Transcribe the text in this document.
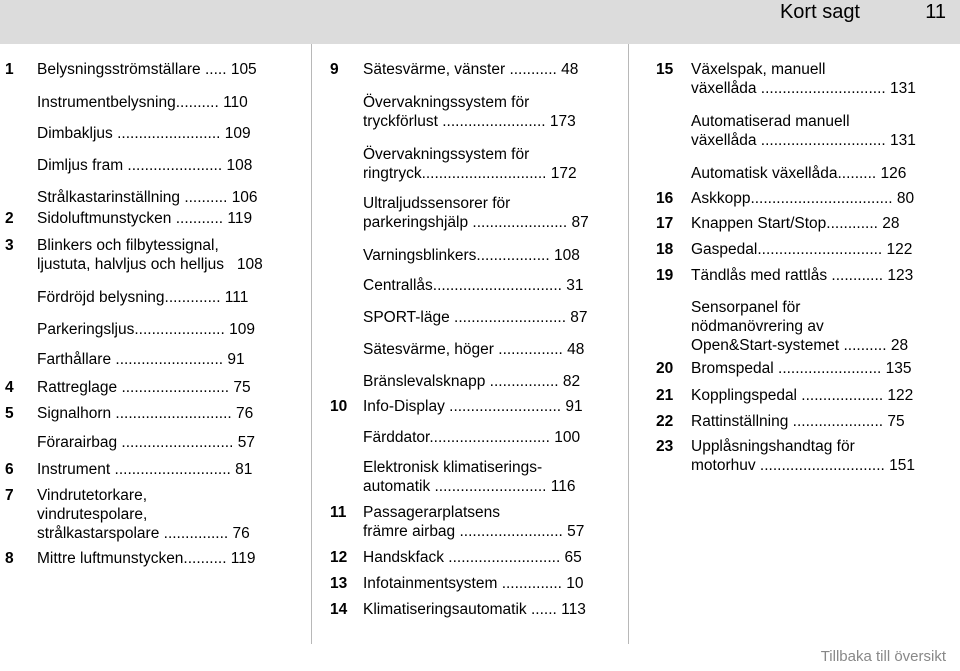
Kort sagt	11
1	Belysningsströmställare ..... 105
Instrumentbelysning.......... 110
Dimbakljus ........................ 109
Dimljus fram ...................... 108
Strålkastarinställning .......... 106
2	Sidoluftmunstycken ........... 119
3	Blinkers och filbytessignal,
ljustuta, halvljus och helljus   108
Fördröjd belysning............. 111
Parkeringsljus..................... 109
Farthållare ......................... 91
4	Rattreglage ......................... 75
5	Signalhorn ........................... 76
Förarairbag .......................... 57
6	Instrument ........................... 81
7	Vindrutetorkare,
vindrutespolare,
strålkastarspolare ............... 76
8	Mittre luftmunstycken.......... 119
9	Sätesvärme, vänster ........... 48
Övervakningssystem för
tryckförlust ........................ 173
Övervakningssystem för
ringtryck............................. 172
Ultraljudssensorer för
parkeringshjälp ...................... 87
Varningsblinkers................. 108
Centrallås.............................. 31
SPORT-läge .......................... 87
Sätesvärme, höger ............... 48
Bränslevalsknapp ................ 82
10	Info-Display .......................... 91
Färddator............................ 100
Elektronisk klimatiserings-
automatik .......................... 116
11	Passagerarplatsens
främre airbag ........................ 57
12	Handskfack .......................... 65
13	Infotainmentsystem .............. 10
14	Klimatiseringsautomatik ...... 113
15	Växelspak, manuell
växellåda ............................. 131
Automatiserad manuell
växellåda ............................. 131
Automatisk växellåda......... 126
16	Askkopp................................. 80
17	Knappen Start/Stop............ 28
18	Gaspedal............................. 122
19	Tändlås med rattlås ............ 123
Sensorpanel för
nödmanövrering av
Open&Start-systemet .......... 28
20	Bromspedal ........................ 135
21	Kopplingspedal ................... 122
22	Rattinställning ..................... 75
23	Upplåsningshandtag för
motorhuv ............................. 151
Tillbaka till översikt
